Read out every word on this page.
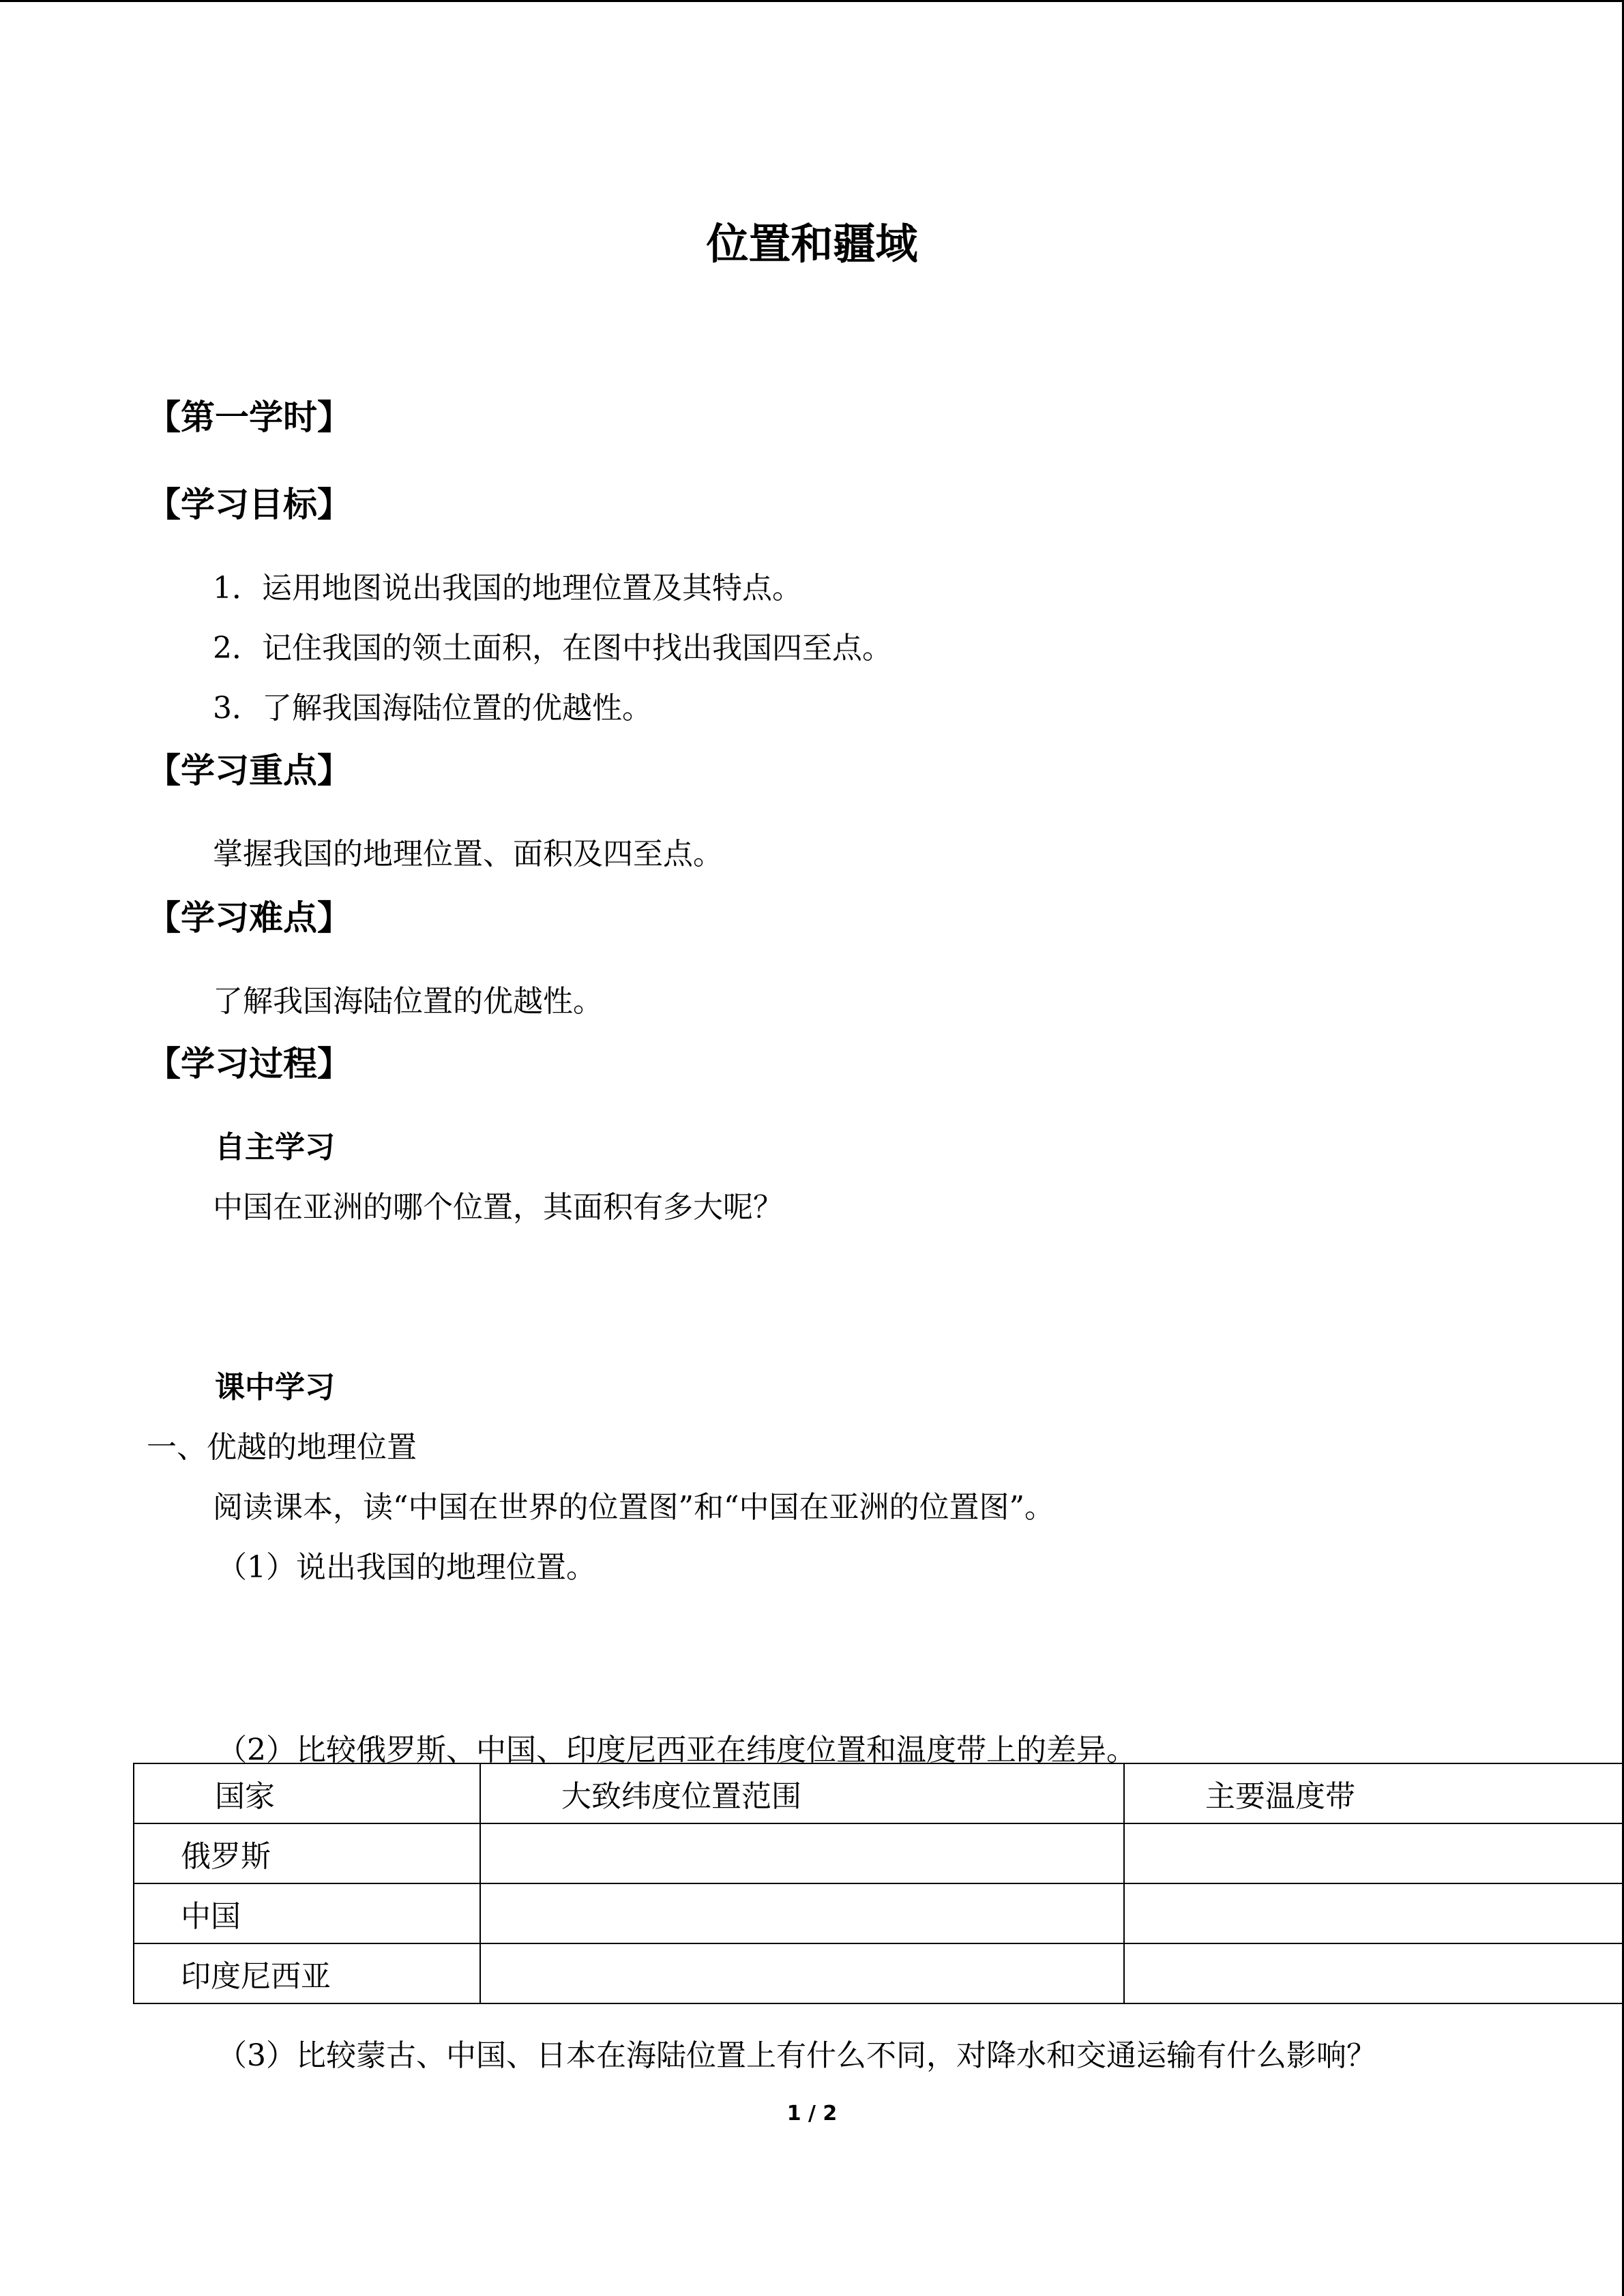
位置和疆域
【第一学时】
【学习目标】
1．运用地图说出我国的地理位置及其特点。
2．记住我国的领土面积，在图中找出我国四至点。
3．了解我国海陆位置的优越性。
【学习重点】
掌握我国的地理位置、面积及四至点。
【学习难点】
了解我国海陆位置的优越性。
【学习过程】
自主学习
中国在亚洲的哪个位置，其面积有多大呢？
课中学习
一、优越的地理位置
阅读课本，读“中国在世界的位置图”和“中国在亚洲的位置图”。
（1）说出我国的地理位置。
（2）比较俄罗斯、中国、印度尼西亚在纬度位置和温度带上的差异。
国家	大致纬度位置范围	主要温度带
俄罗斯		
中国		
印度尼西亚		
（3）比较蒙古、中国、日本在海陆位置上有什么不同，对降水和交通运输有什么影响？
1 / 2
